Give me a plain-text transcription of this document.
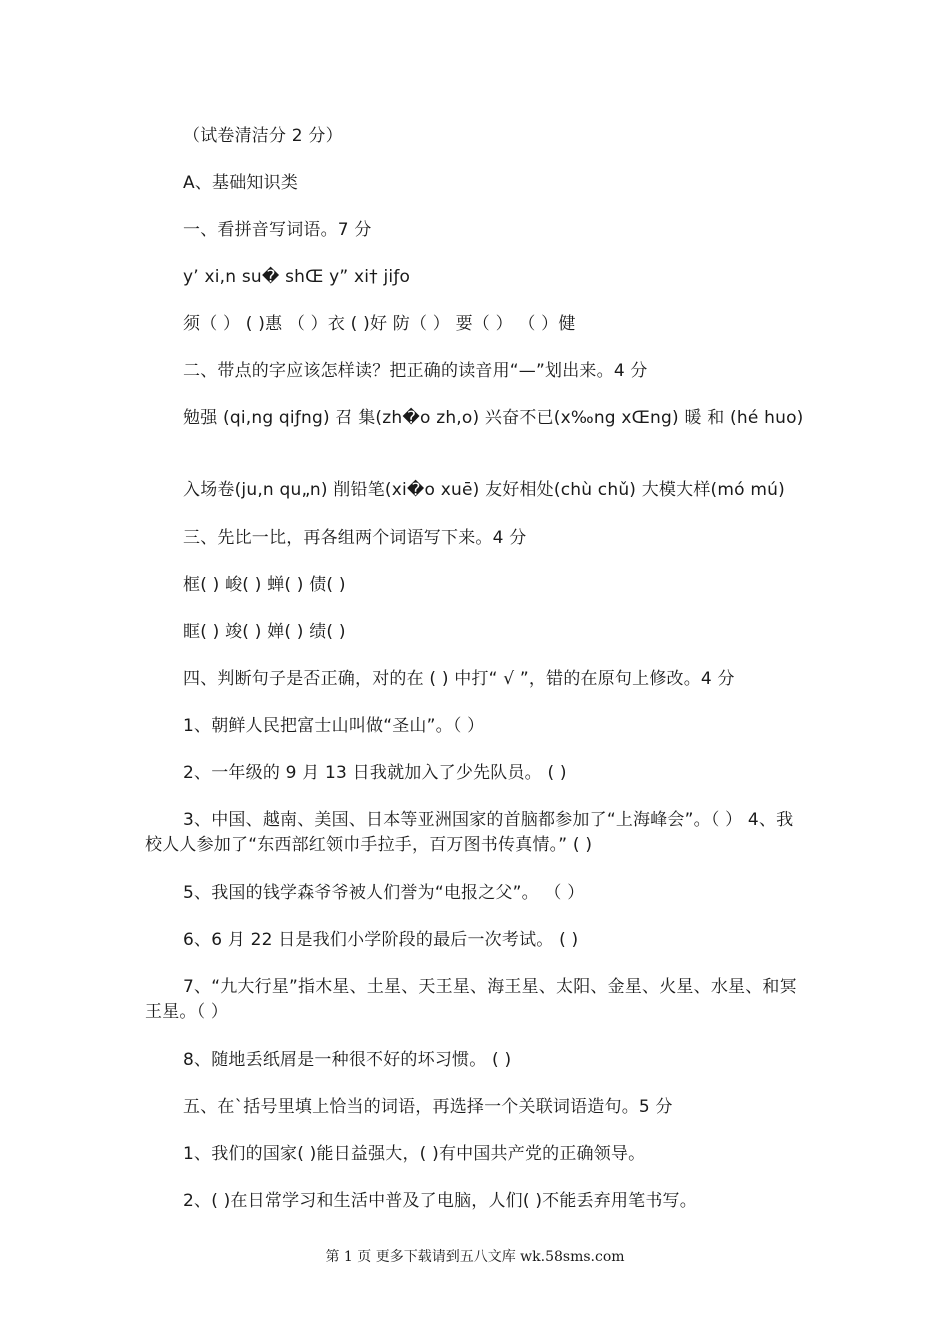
（试卷清洁分 2 分）
A、基础知识类
一、看拼音写词语。7 分
y’ xi,n su� shŒ y” xi† jiƒo
须（ ） ( )惠 （ ）衣 ( )好 防（ ） 要（ ） （ ）健
二、带点的字应该怎样读？把正确的读音用“—”划出来。4 分
勉强 (qi,ng qiƒng) 召 集(zh�o zh,o) 兴奋不已(x‰ng xŒng) 暖 和 (hé huo)
入场卷(ju,n qu„n) 削铅笔(xi�o xuē) 友好相处(chù chǔ) 大模大样(mó mú)
三、先比一比，再各组两个词语写下来。4 分
框( ) 峻( ) 蝉( ) 债( )
眶( ) 竣( ) 婵( ) 绩( )
四、判断句子是否正确，对的在 ( ) 中打“ √ ”，错的在原句上修改。4 分
1、朝鲜人民把富士山叫做“圣山”。（ ）
2、一年级的 9 月 13 日我就加入了少先队员。 ( )
3、中国、越南、美国、日本等亚洲国家的首脑都参加了“上海峰会”。（ ） 4、我校人人参加了“东西部红领巾手拉手，百万图书传真情。” ( )
5、我国的钱学森爷爷被人们誉为“电报之父”。 （ ）
6、6 月 22 日是我们小学阶段的最后一次考试。 ( )
7、“九大行星”指木星、土星、天王星、海王星、太阳、金星、火星、水星、和冥王星。（ ）
8、随地丢纸屑是一种很不好的坏习惯。 ( )
五、在`括号里填上恰当的词语，再选择一个关联词语造句。5 分
1、我们的国家( )能日益强大，( )有中国共产党的正确领导。
2、( )在日常学习和生活中普及了电脑，人们( )不能丢弃用笔书写。
第 1 页 更多下载请到五八文库 wk.58sms.com
